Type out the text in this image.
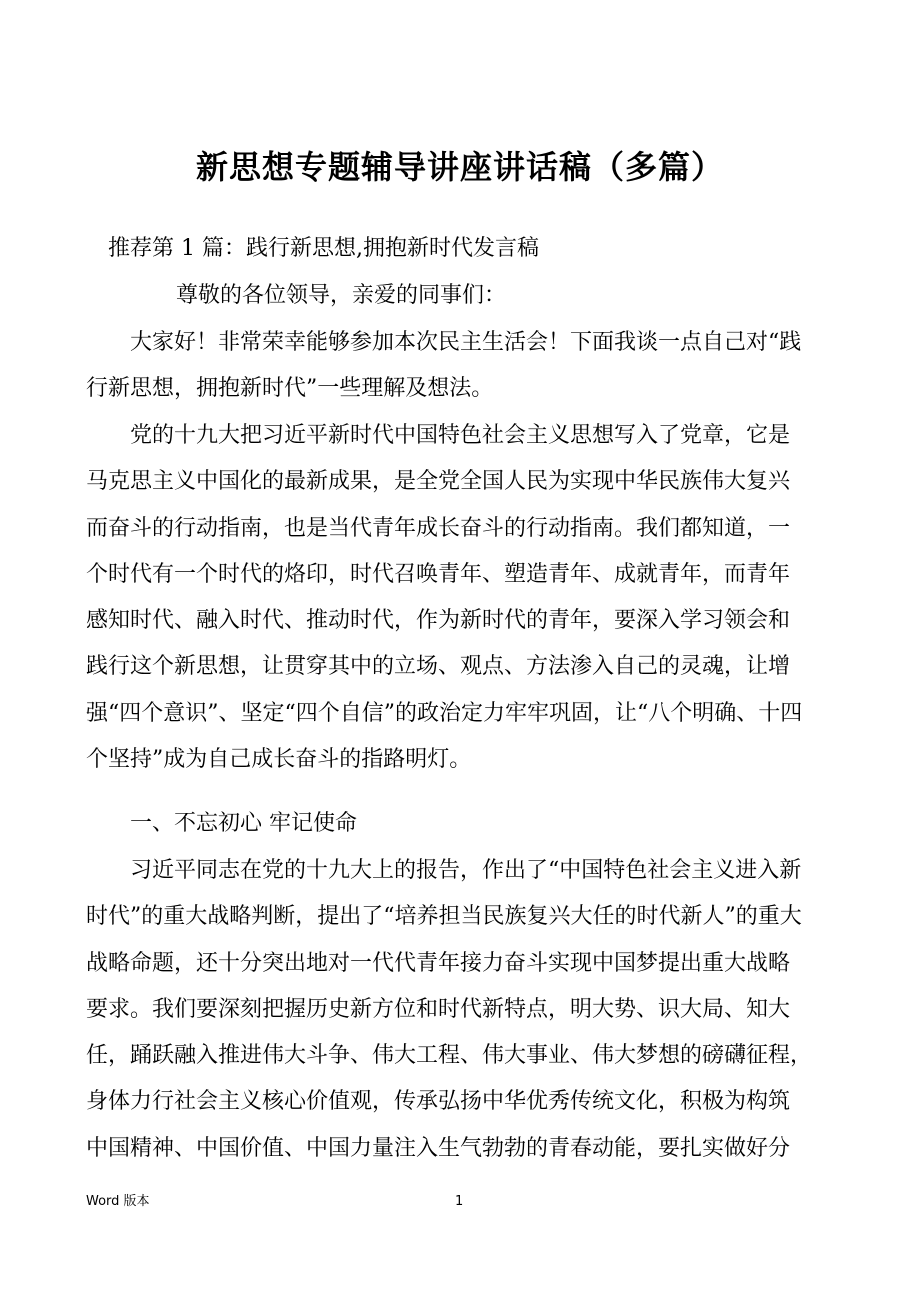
新思想专题辅导讲座讲话稿（多篇）

推荐第 1 篇：践行新思想,拥抱新时代发言稿

尊敬的各位领导，亲爱的同事们：

大家好！非常荣幸能够参加本次民主生活会！下面我谈一点自己对“践
行新思想，拥抱新时代”一些理解及想法。
党的十九大把习近平新时代中国特色社会主义思想写入了党章，它是
马克思主义中国化的最新成果，是全党全国人民为实现中华民族伟大复兴
而奋斗的行动指南，也是当代青年成长奋斗的行动指南。我们都知道，一
个时代有一个时代的烙印，时代召唤青年、塑造青年、成就青年，而青年
感知时代、融入时代、推动时代，作为新时代的青年，要深入学习领会和
践行这个新思想，让贯穿其中的立场、观点、方法渗入自己的灵魂，让增
强“四个意识”、坚定“四个自信”的政治定力牢牢巩固，让“八个明确、十四
个坚持”成为自己成长奋斗的指路明灯。

一、不忘初心 牢记使命

习近平同志在党的十九大上的报告，作出了“中国特色社会主义进入新
时代”的重大战略判断，提出了“培养担当民族复兴大任的时代新人”的重大
战略命题，还十分突出地对一代代青年接力奋斗实现中国梦提出重大战略
要求。我们要深刻把握历史新方位和时代新特点，明大势、识大局、知大
任，踊跃融入推进伟大斗争、伟大工程、伟大事业、伟大梦想的磅礴征程，
身体力行社会主义核心价值观，传承弘扬中华优秀传统文化，积极为构筑
中国精神、中国价值、中国力量注入生气勃勃的青春动能，要扎实做好分
Word 版本	1
